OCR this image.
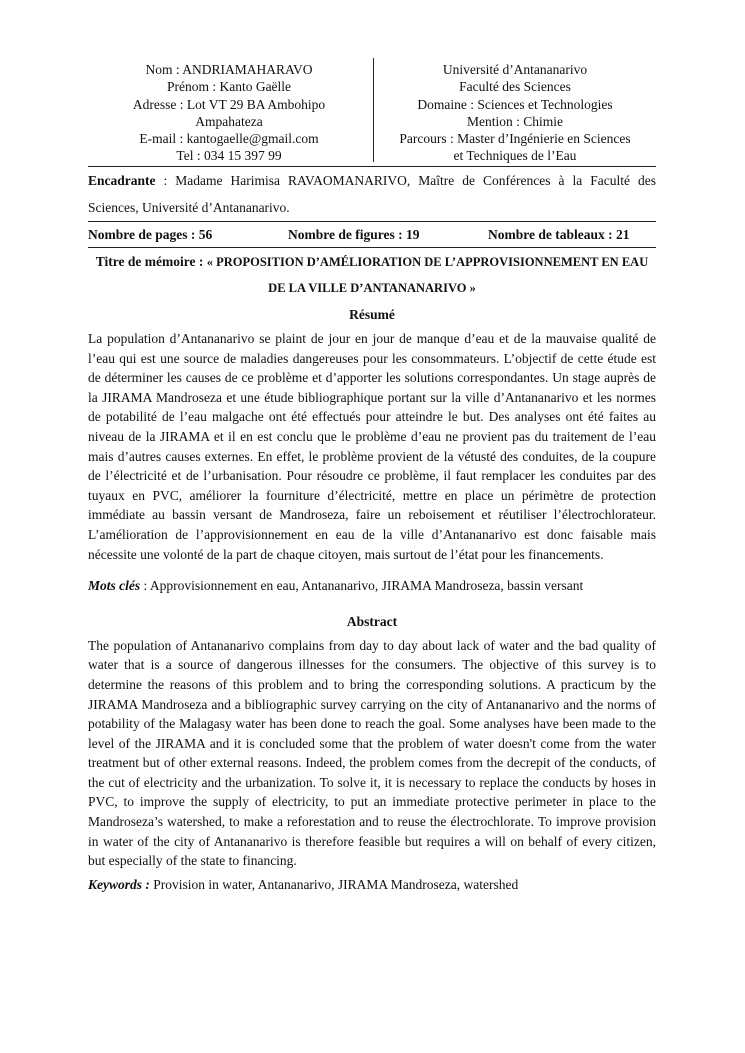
Nom : ANDRIAMAHARAVO
Prénom : Kanto Gaëlle
Adresse : Lot VT 29 BA Ambohipo
Ampahateza
E-mail : kantogaelle@gmail.com
Tel : 034 15 397 99
Université d’Antananarivo
Faculté des Sciences
Domaine : Sciences et Technologies
Mention : Chimie
Parcours : Master d’Ingénierie en Sciences
et Techniques de l’Eau
Encadrante : Madame Harimisa RAVAOMANARIVO, Maître de Conférences à la Faculté des Sciences, Université d’Antananarivo.
Nombre de pages : 56	Nombre de figures : 19	Nombre de tableaux : 21
Titre de mémoire : « PROPOSITION D’AMÉLIORATION DE L’APPROVISIONNEMENT EN EAU DE LA VILLE D’ANTANANARIVO »
Résumé

La population d’Antananarivo se plaint de jour en jour de manque d’eau et de la mauvaise qualité de l’eau qui est une source de maladies dangereuses pour les consommateurs. L’objectif de cette étude est de déterminer les causes de ce problème et d’apporter les solutions correspondantes. Un stage auprès de la JIRAMA Mandroseza et une étude bibliographique portant sur la ville d’Antananarivo et les normes de potabilité de l’eau malgache ont été effectués pour atteindre le but. Des analyses ont été faites au niveau de la JIRAMA et il en est conclu que le problème d’eau ne provient pas du traitement de l’eau mais d’autres causes externes. En effet, le problème provient de la vétusté des conduites, de la coupure de l’électricité et de l’urbanisation. Pour résoudre ce problème, il faut remplacer les conduites par des tuyaux en PVC, améliorer la fourniture d’électricité, mettre en place un périmètre de protection immédiate au bassin versant de Mandroseza, faire un reboisement et réutiliser l’électrochlorateur. L’amélioration de l’approvisionnement en eau de la ville d’Antananarivo est donc faisable mais nécessite une volonté de la part de chaque citoyen, mais surtout de l’état pour les financements.

Mots clés : Approvisionnement en eau, Antananarivo, JIRAMA Mandroseza, bassin versant

Abstract

The population of Antananarivo complains from day to day about lack of water and the bad quality of water that is a source of dangerous illnesses for the consumers. The objective of this survey is to determine the reasons of this problem and to bring the corresponding solutions. A practicum by the JIRAMA Mandroseza and a bibliographic survey carrying on the city of Antananarivo and the norms of potability of the Malagasy water has been done to reach the goal. Some analyses have been made to the level of the JIRAMA and it is concluded some that the problem of water doesn't come from the water treatment but of other external reasons. Indeed, the problem comes from the decrepit of the conducts, of the cut of electricity and the urbanization. To solve it, it is necessary to replace the conducts by hoses in PVC, to improve the supply of electricity, to put an immediate protective perimeter in place to the Mandroseza’s watershed, to make a reforestation and to reuse the électrochlorate. To improve provision in water of the city of Antananarivo is therefore feasible but requires a will on behalf of every citizen, but especially of the state to financing.

Keywords : Provision in water, Antananarivo, JIRAMA Mandroseza, watershed
